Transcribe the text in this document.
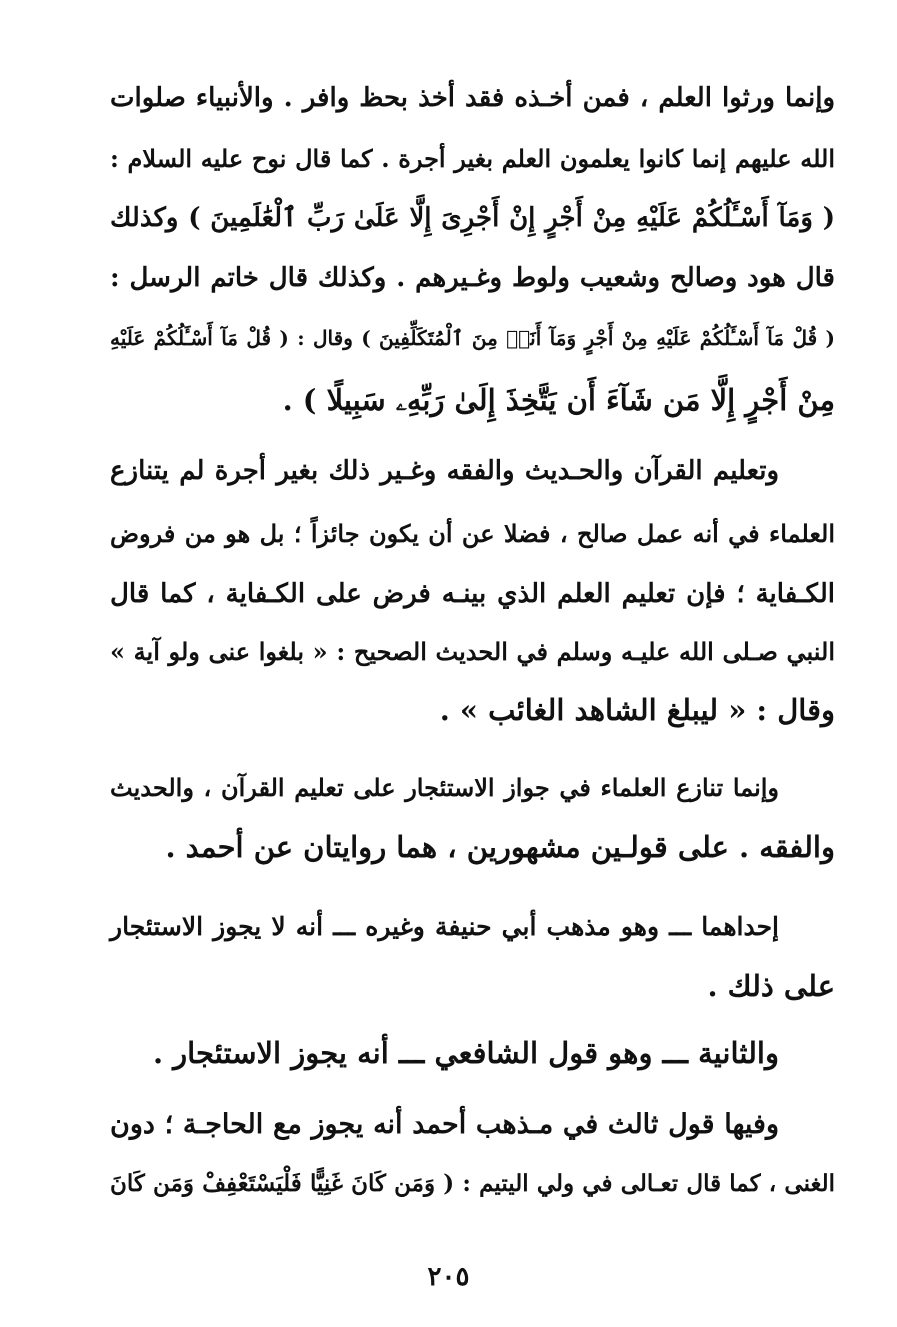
وإنما ورثوا العلم ، فمن أخـذه فقد أخذ بحظ وافر . والأنبياء صلوات
الله عليهم إنما كانوا يعلمون العلم بغير أجرة . كما قال نوح عليه السلام :
( وَمَآ أَسْـَٔلُكُمْ عَلَيْهِ مِنْ أَجْرٍ إِنْ أَجْرِىَ إِلَّا عَلَىٰ رَبِّ ٱلْعَٰلَمِينَ ) وكذلك
قال هود وصالح وشعيب ولوط وغـيرهم . وكذلك قال خاتم الرسل :
( قُلْ مَآ أَسْـَٔلُكُمْ عَلَيْهِ مِنْ أَجْرٍ وَمَآ أَنَا۠ مِنَ ٱلْمُتَكَلِّفِينَ ) وقال : ( قُلْ مَآ أَسْـَٔلُكُمْ عَلَيْهِ
مِنْ أَجْرٍ إِلَّا مَن شَآءَ أَن يَتَّخِذَ إِلَىٰ رَبِّهِۦ سَبِيلًا ) .
وتعليم القرآن والحـديث والفقه وغـير ذلك بغير أجرة لم يتنازع
العلماء في أنه عمل صالح ، فضلا عن أن يكون جائزاً ؛ بل هو من فروض
الكـفاية ؛ فإن تعليم العلم الذي بينـه فرض على الكـفاية ، كما قال
النبي صـلى الله عليـه وسلم في الحديث الصحيح : « بلغوا عنى ولو آية »
وقال : « ليبلغ الشاهد الغائب » .
وإنما تنازع العلماء في جواز الاستئجار على تعليم القرآن ، والحديث
والفقه . على قولـين مشهورين ، هما روايتان عن أحمد .
إحداهما ـــ وهو مذهب أبي حنيفة وغيره ـــ أنه لا يجوز الاستئجار
على ذلك .
والثانية ـــ وهو قول الشافعي ـــ أنه يجوز الاستئجار .
وفيها قول ثالث في مـذهب أحمد أنه يجوز مع الحاجـة ؛ دون
الغنى ، كما قال تعـالى في ولي اليتيم : ( وَمَن كَانَ غَنِيًّا فَلْيَسْتَعْفِفْ وَمَن كَانَ
٢٠٥
